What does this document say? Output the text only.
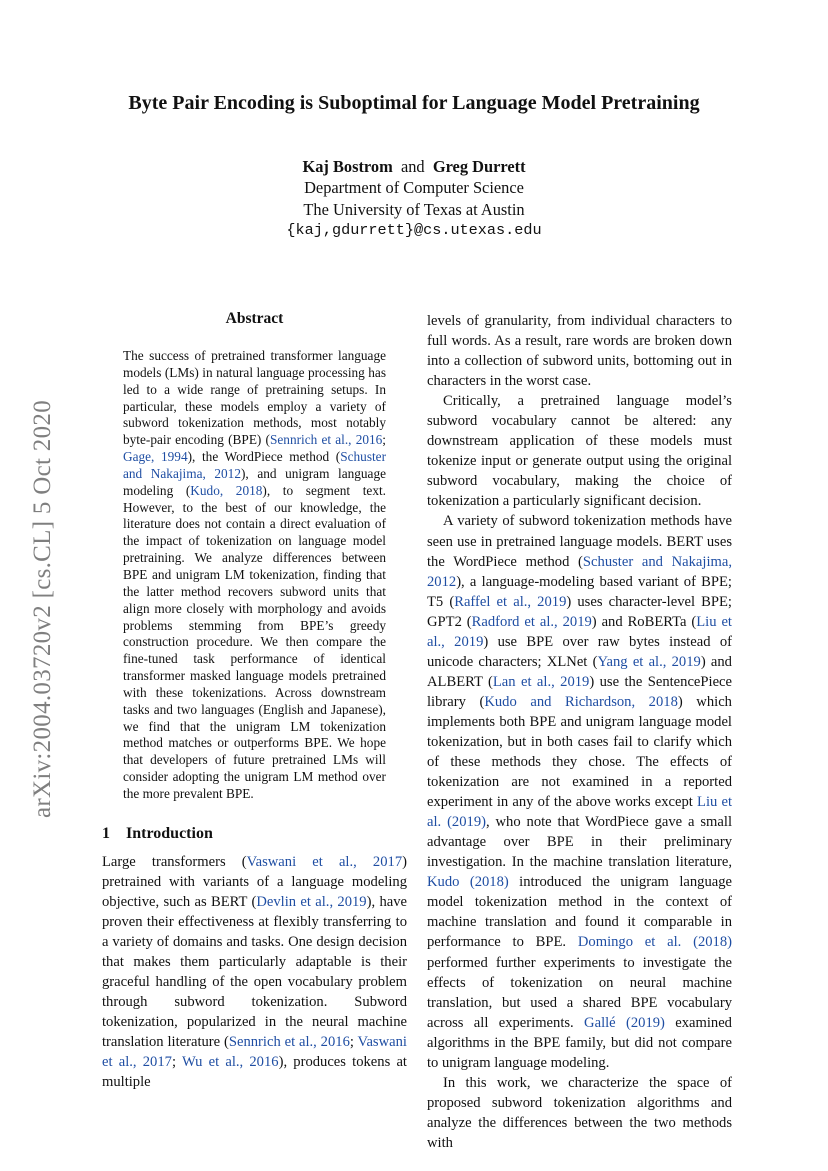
arXiv:2004.03720v2 [cs.CL] 5 Oct 2020
Byte Pair Encoding is Suboptimal for Language Model Pretraining
Kaj Bostrom and Greg Durrett
Department of Computer Science
The University of Texas at Austin
{kaj,gdurrett}@cs.utexas.edu
Abstract

The success of pretrained transformer language models (LMs) in natural language processing has led to a wide range of pretraining setups. In particular, these models employ a variety of subword tokenization methods, most notably byte-pair encoding (BPE) (Sennrich et al., 2016; Gage, 1994), the WordPiece method (Schuster and Nakajima, 2012), and unigram language modeling (Kudo, 2018), to segment text. However, to the best of our knowledge, the literature does not contain a direct evaluation of the impact of tokenization on language model pretraining. We analyze differences between BPE and unigram LM tokenization, finding that the latter method recovers subword units that align more closely with morphology and avoids problems stemming from BPE’s greedy construction procedure. We then compare the fine-tuned task performance of identical transformer masked language models pretrained with these tokenizations. Across downstream tasks and two languages (English and Japanese), we find that the unigram LM tokenization method matches or outperforms BPE. We hope that developers of future pretrained LMs will consider adopting the unigram LM method over the more prevalent BPE.

1 Introduction

Large transformers (Vaswani et al., 2017) pretrained with variants of a language modeling objective, such as BERT (Devlin et al., 2019), have proven their effectiveness at flexibly transferring to a variety of domains and tasks. One design decision that makes them particularly adaptable is their graceful handling of the open vocabulary problem through subword tokenization. Subword tokenization, popularized in the neural machine translation literature (Sennrich et al., 2016; Vaswani et al., 2017; Wu et al., 2016), produces tokens at multiple

levels of granularity, from individual characters to full words. As a result, rare words are broken down into a collection of subword units, bottoming out in characters in the worst case.

Critically, a pretrained language model’s subword vocabulary cannot be altered: any downstream application of these models must tokenize input or generate output using the original subword vocabulary, making the choice of tokenization a particularly significant decision.

A variety of subword tokenization methods have seen use in pretrained language models. BERT uses the WordPiece method (Schuster and Nakajima, 2012), a language-modeling based variant of BPE; T5 (Raffel et al., 2019) uses character-level BPE; GPT2 (Radford et al., 2019) and RoBERTa (Liu et al., 2019) use BPE over raw bytes instead of unicode characters; XLNet (Yang et al., 2019) and ALBERT (Lan et al., 2019) use the SentencePiece library (Kudo and Richardson, 2018) which implements both BPE and unigram language model tokenization, but in both cases fail to clarify which of these methods they chose. The effects of tokenization are not examined in a reported experiment in any of the above works except Liu et al. (2019), who note that WordPiece gave a small advantage over BPE in their preliminary investigation. In the machine translation literature, Kudo (2018) introduced the unigram language model tokenization method in the context of machine translation and found it comparable in performance to BPE. Domingo et al. (2018) performed further experiments to investigate the effects of tokenization on neural machine translation, but used a shared BPE vocabulary across all experiments. Gallé (2019) examined algorithms in the BPE family, but did not compare to unigram language modeling.

In this work, we characterize the space of proposed subword tokenization algorithms and analyze the differences between the two methods with
